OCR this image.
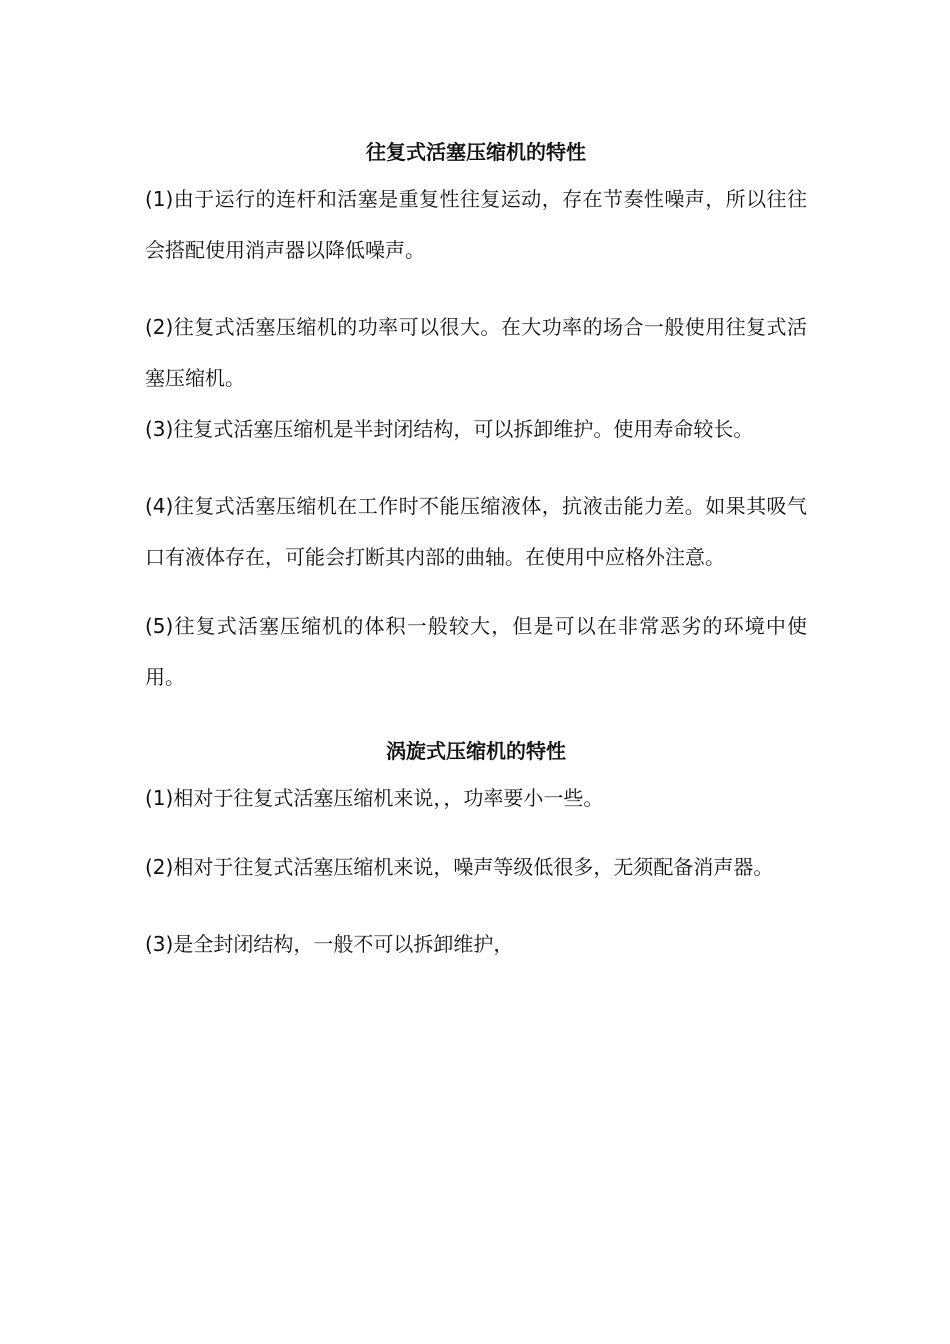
往复式活塞压缩机的特性

(1)由于运行的连杆和活塞是重复性往复运动，存在节奏性噪声，所以往往会搭配使用消声器以降低噪声。

(2)往复式活塞压缩机的功率可以很大。在大功率的场合一般使用往复式活塞压缩机。

(3)往复式活塞压缩机是半封闭结构，可以拆卸维护。使用寿命较长。

(4)往复式活塞压缩机在工作时不能压缩液体，抗液击能力差。如果其吸气口有液体存在，可能会打断其内部的曲轴。在使用中应格外注意。

(5)往复式活塞压缩机的体积一般较大，但是可以在非常恶劣的环境中使用。

涡旋式压缩机的特性

(1)相对于往复式活塞压缩机来说，，功率要小一些。

(2)相对于往复式活塞压缩机来说，噪声等级低很多，无须配备消声器。

(3)是全封闭结构，一般不可以拆卸维护，
